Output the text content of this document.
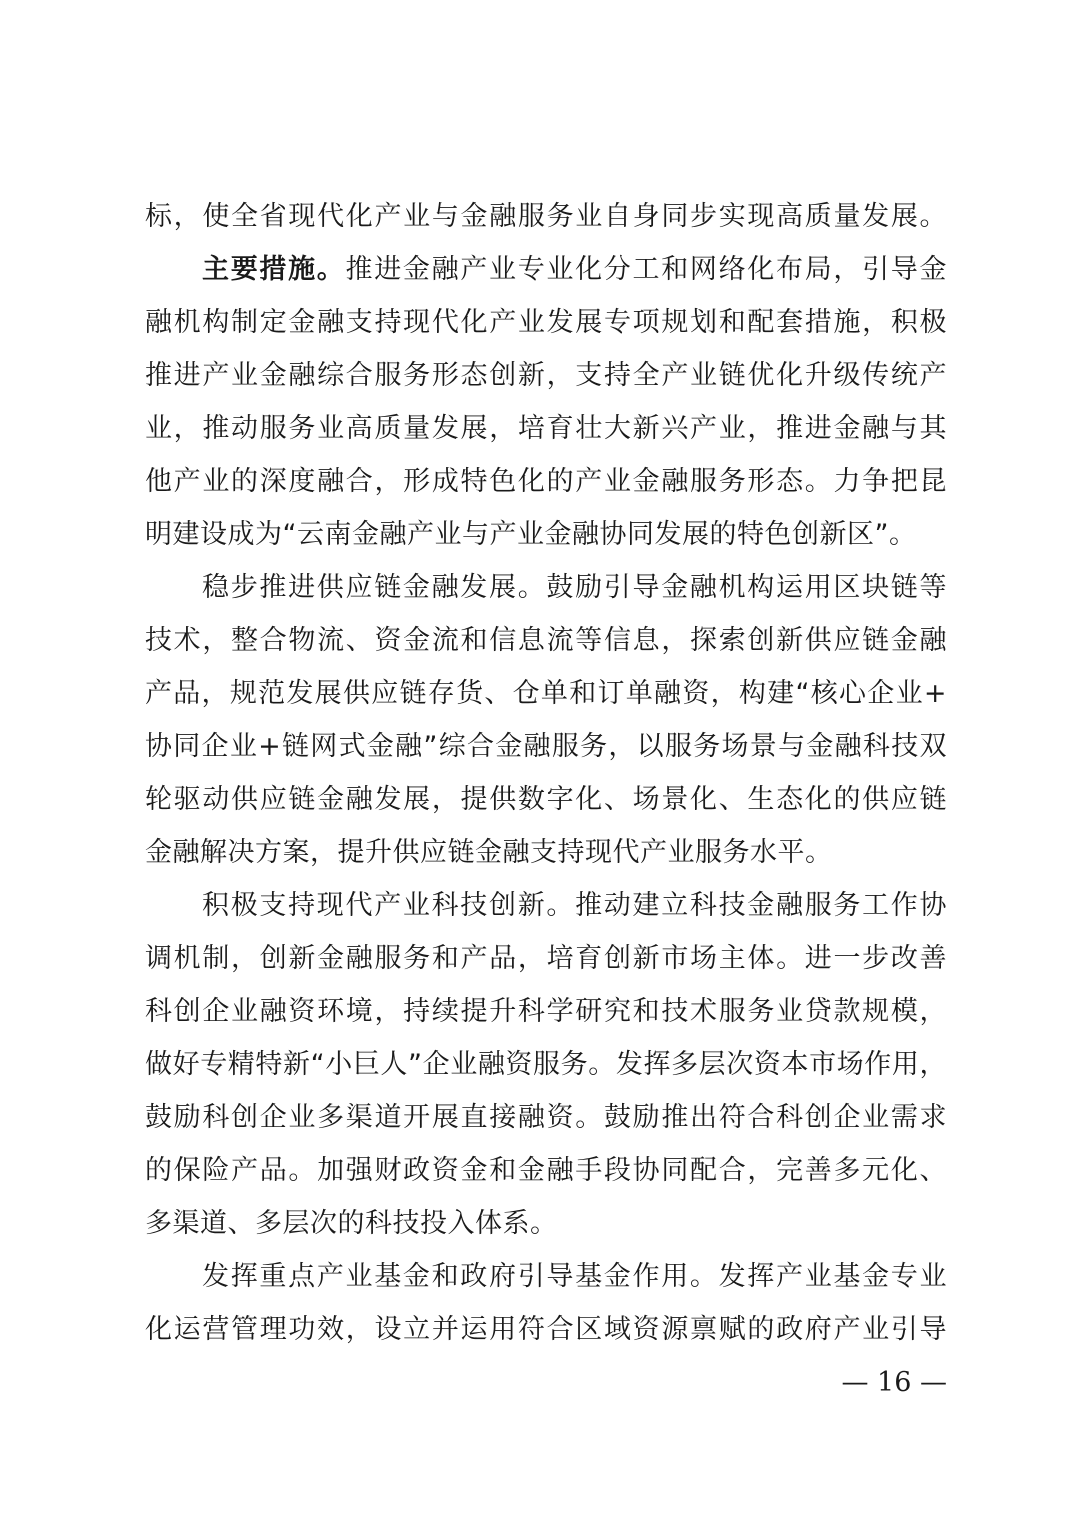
标，使全省现代化产业与金融服务业自身同步实现高质量发展。
主要措施。推进金融产业专业化分工和网络化布局，引导金
融机构制定金融支持现代化产业发展专项规划和配套措施，积极
推进产业金融综合服务形态创新，支持全产业链优化升级传统产
业，推动服务业高质量发展，培育壮大新兴产业，推进金融与其
他产业的深度融合，形成特色化的产业金融服务形态。力争把昆
明建设成为“云南金融产业与产业金融协同发展的特色创新区”。
稳步推进供应链金融发展。鼓励引导金融机构运用区块链等
技术，整合物流、资金流和信息流等信息，探索创新供应链金融
产品，规范发展供应链存货、仓单和订单融资，构建“核心企业+
协同企业+链网式金融”综合金融服务，以服务场景与金融科技双
轮驱动供应链金融发展，提供数字化、场景化、生态化的供应链
金融解决方案，提升供应链金融支持现代产业服务水平。
积极支持现代产业科技创新。推动建立科技金融服务工作协
调机制，创新金融服务和产品，培育创新市场主体。进一步改善
科创企业融资环境，持续提升科学研究和技术服务业贷款规模，
做好专精特新“小巨人”企业融资服务。发挥多层次资本市场作用，
鼓励科创企业多渠道开展直接融资。鼓励推出符合科创企业需求
的保险产品。加强财政资金和金融手段协同配合，完善多元化、
多渠道、多层次的科技投入体系。
发挥重点产业基金和政府引导基金作用。发挥产业基金专业
化运营管理功效，设立并运用符合区域资源禀赋的政府产业引导
— 16 —
